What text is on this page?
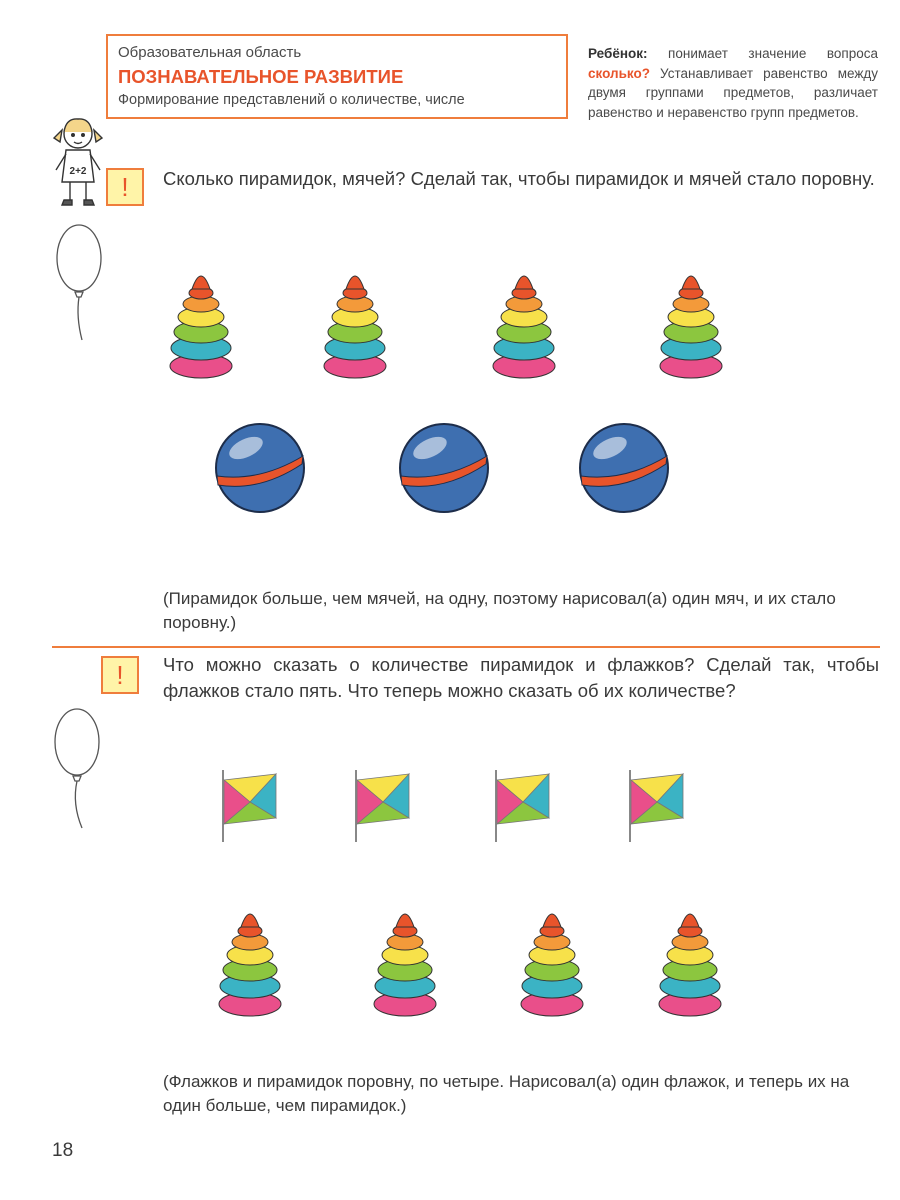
Образовательная область
ПОЗНАВАТЕЛЬНОЕ РАЗВИТИЕ
Формирование представлений о количестве, числе
Ребёнок: понимает значение вопроса сколько? Устанавливает равенство между двумя группами предметов, различает равенство и неравенство групп предметов.
2+2
!	Сколько пирамидок, мячей? Сделай так, чтобы пирамидок и мячей стало поровну.
(Пирамидок больше, чем мячей, на одну, поэтому нарисовал(а) один мяч, и их стало поровну.)
!	Что можно сказать о количестве пирамидок и флажков? Сделай так, чтобы флажков стало пять. Что теперь можно сказать об их количестве?
(Флажков и пирамидок поровну, по четыре. Нарисовал(а) один флажок, и теперь их на один больше, чем пирамидок.)
18
